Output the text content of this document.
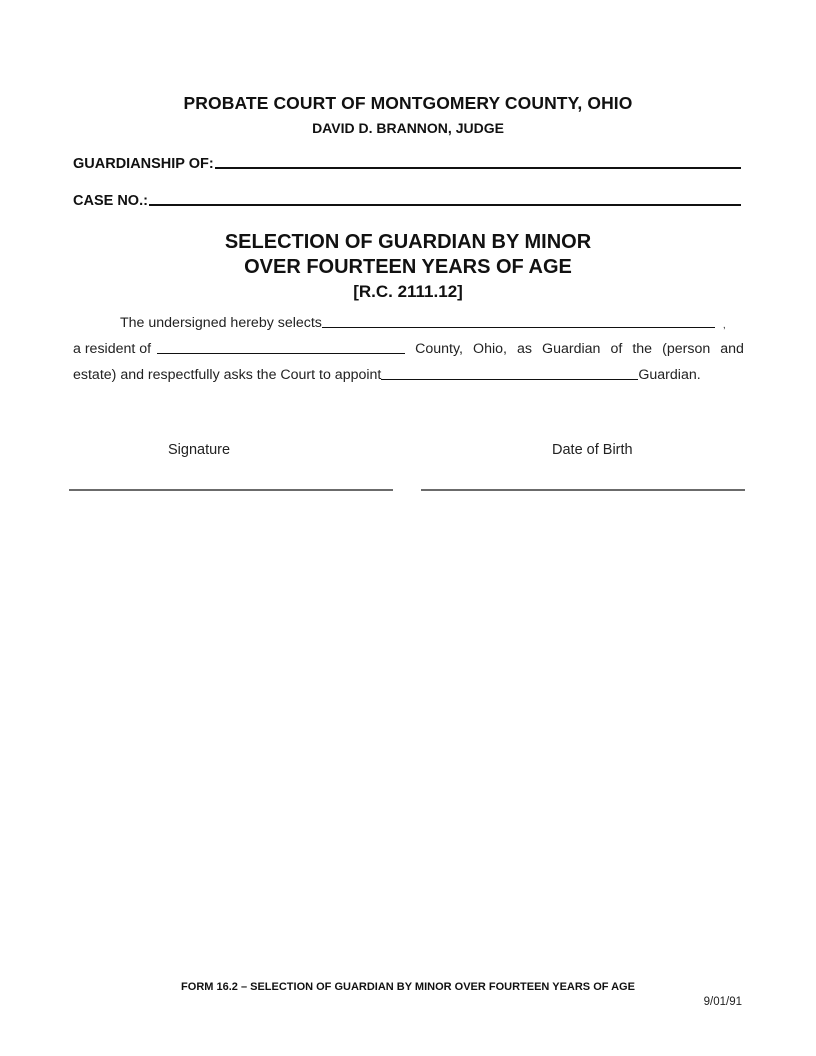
PROBATE COURT OF MONTGOMERY COUNTY, OHIO
DAVID D. BRANNON, JUDGE
GUARDIANSHIP OF:
CASE NO.:
SELECTION OF GUARDIAN BY MINOR
OVER FOURTEEN YEARS OF AGE
[R.C. 2111.12]
The undersigned hereby selects	,
a resident of	County, Ohio, as Guardian of the (person and
estate) and respectfully asks the Court to appoint	Guardian.
Signature	Date of Birth
FORM 16.2 – SELECTION OF GUARDIAN BY MINOR OVER FOURTEEN YEARS OF AGE
9/01/91
